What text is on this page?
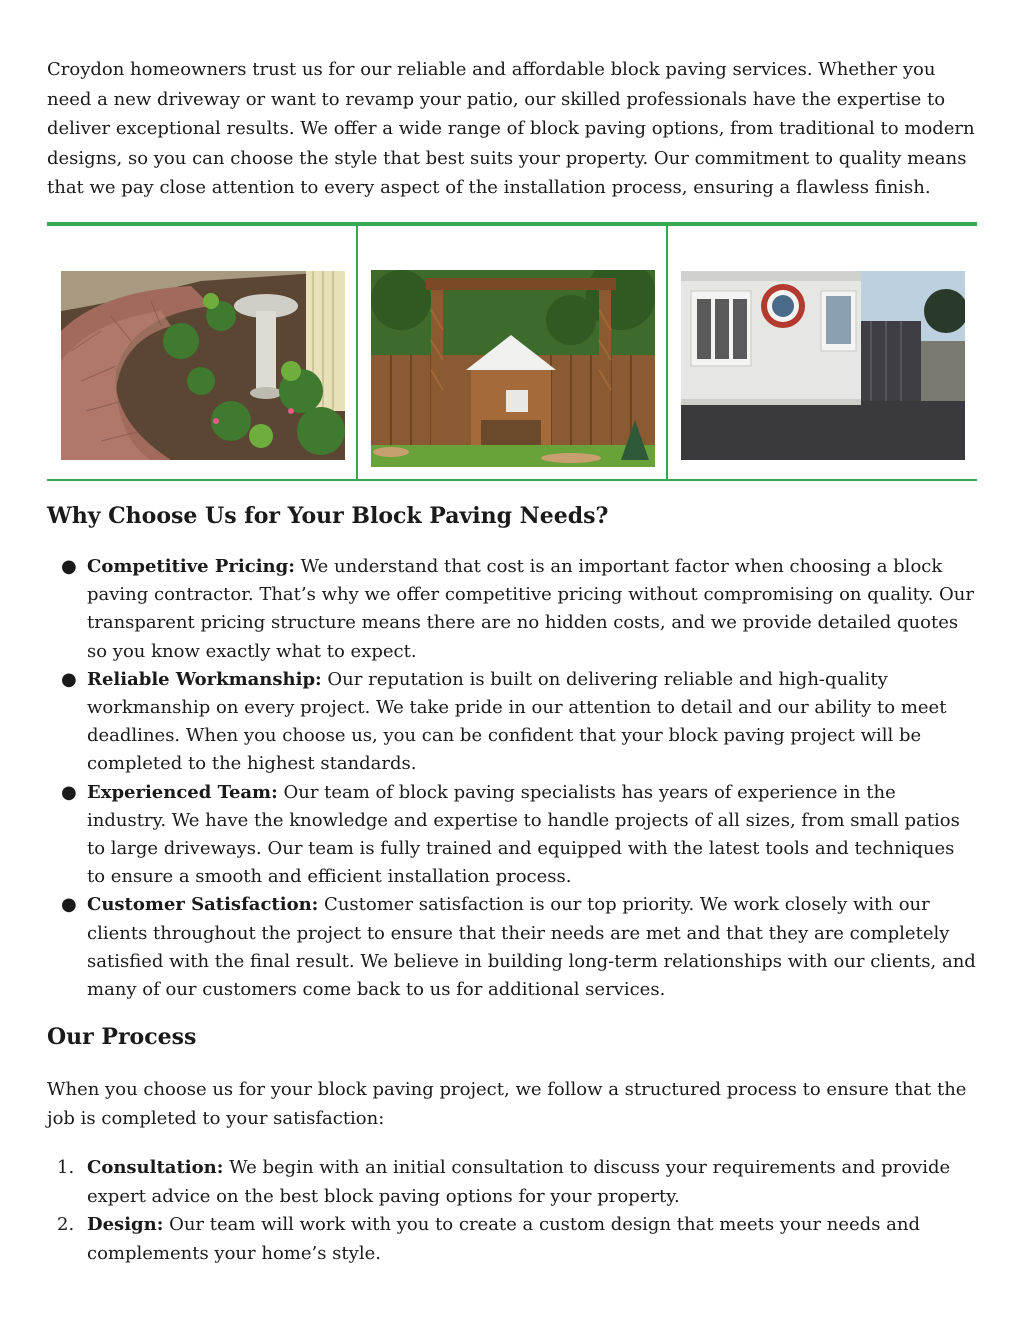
Croydon homeowners trust us for our reliable and affordable block paving services. Whether you need a new driveway or want to revamp your patio, our skilled professionals have the expertise to deliver exceptional results. We offer a wide range of block paving options, from traditional to modern designs, so you can choose the style that best suits your property. Our commitment to quality means that we pay close attention to every aspect of the installation process, ensuring a flawless finish.

Why Choose Us for Your Block Paving Needs?
● Competitive Pricing: We understand that cost is an important factor when choosing a block paving contractor. That’s why we offer competitive pricing without compromising on quality. Our transparent pricing structure means there are no hidden costs, and we provide detailed quotes so you know exactly what to expect.
● Reliable Workmanship: Our reputation is built on delivering reliable and high-quality workmanship on every project. We take pride in our attention to detail and our ability to meet deadlines. When you choose us, you can be confident that your block paving project will be completed to the highest standards.
● Experienced Team: Our team of block paving specialists has years of experience in the industry. We have the knowledge and expertise to handle projects of all sizes, from small patios to large driveways. Our team is fully trained and equipped with the latest tools and techniques to ensure a smooth and efficient installation process.
● Customer Satisfaction: Customer satisfaction is our top priority. We work closely with our clients throughout the project to ensure that their needs are met and that they are completely satisfied with the final result. We believe in building long-term relationships with our clients, and many of our customers come back to us for additional services.
Our Process

When you choose us for your block paving project, we follow a structured process to ensure that the job is completed to your satisfaction:

1. Consultation: We begin with an initial consultation to discuss your requirements and provide expert advice on the best block paving options for your property.
2. Design: Our team will work with you to create a custom design that meets your needs and complements your home’s style.
